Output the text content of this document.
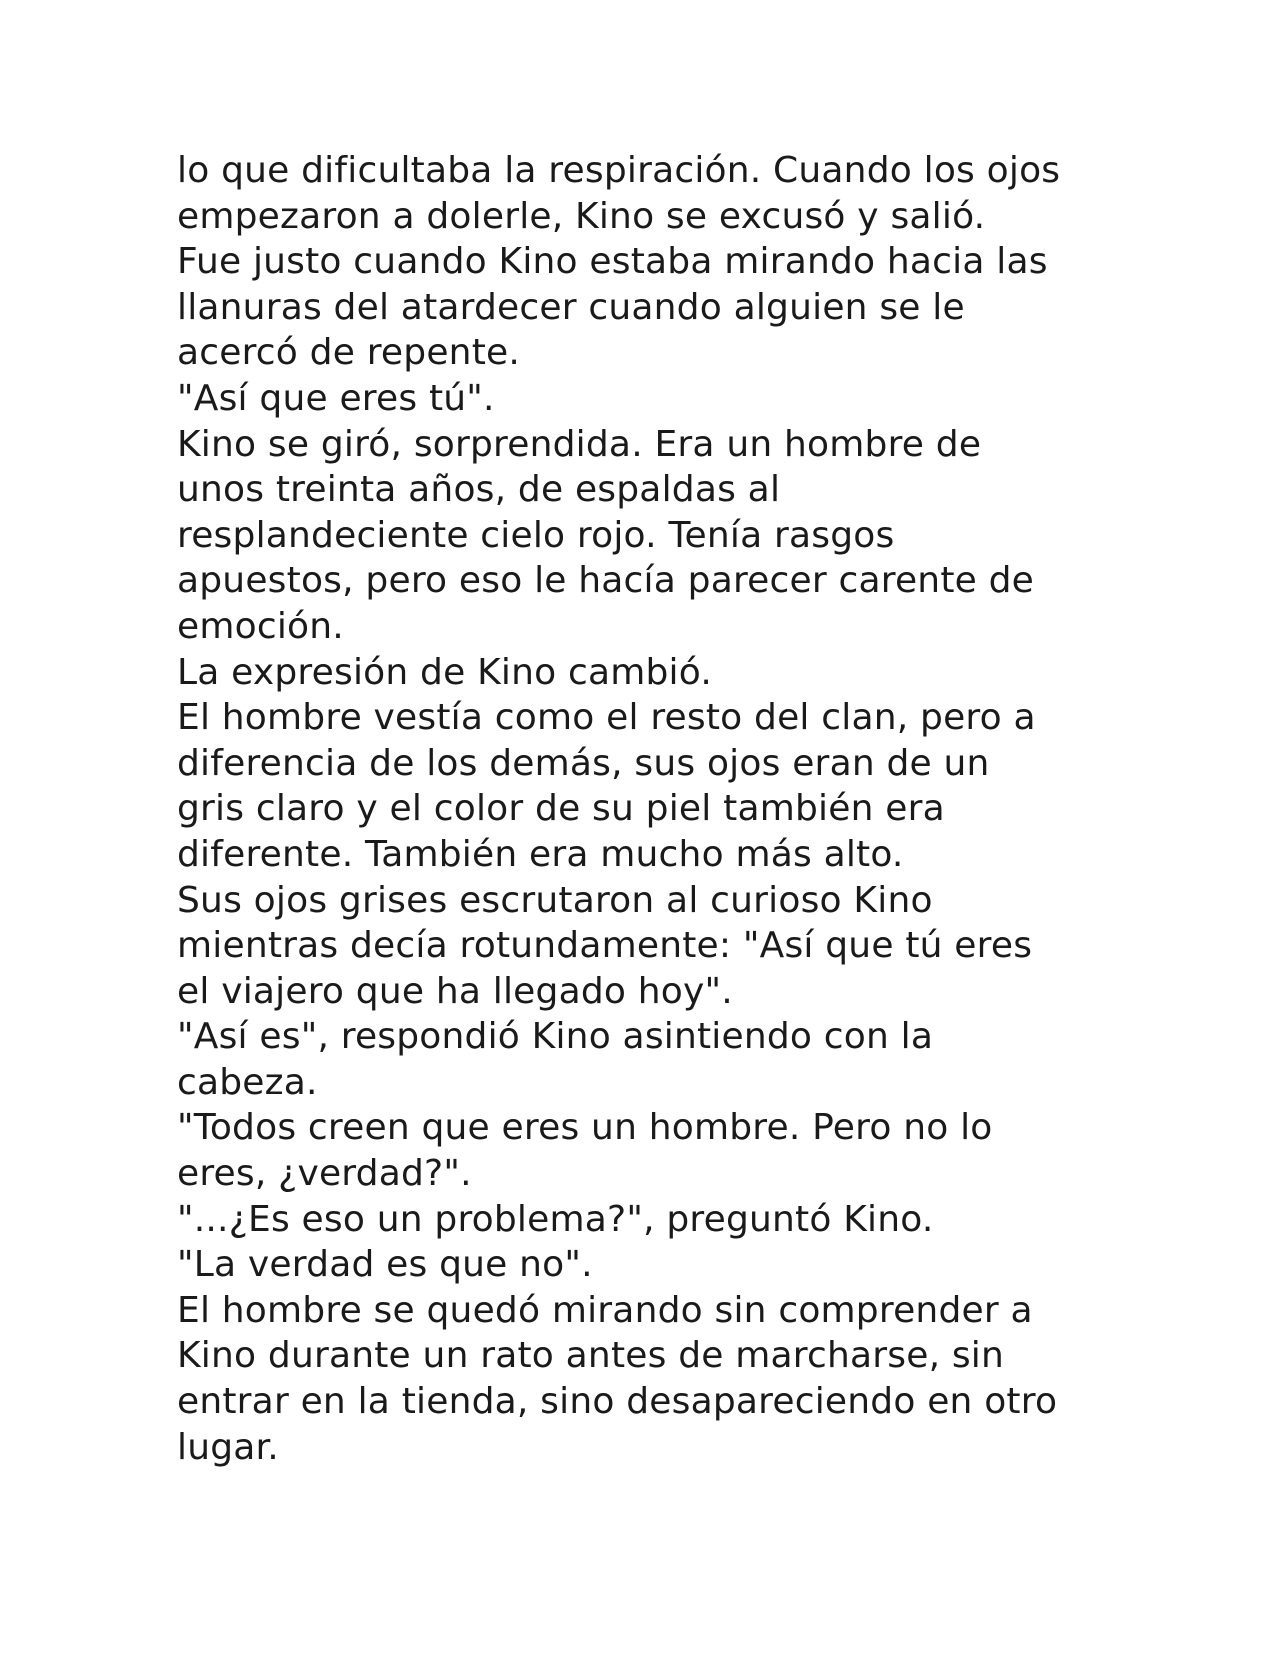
lo que dificultaba la respiración. Cuando los ojos
empezaron a dolerle, Kino se excusó y salió.
Fue justo cuando Kino estaba mirando hacia las
llanuras del atardecer cuando alguien se le
acercó de repente.
"Así que eres tú".
Kino se giró, sorprendida. Era un hombre de
unos treinta años, de espaldas al
resplandeciente cielo rojo. Tenía rasgos
apuestos, pero eso le hacía parecer carente de
emoción.
La expresión de Kino cambió.
El hombre vestía como el resto del clan, pero a
diferencia de los demás, sus ojos eran de un
gris claro y el color de su piel también era
diferente. También era mucho más alto.
Sus ojos grises escrutaron al curioso Kino
mientras decía rotundamente: "Así que tú eres
el viajero que ha llegado hoy".
"Así es", respondió Kino asintiendo con la
cabeza.
"Todos creen que eres un hombre. Pero no lo
eres, ¿verdad?".
"...¿Es eso un problema?", preguntó Kino.
"La verdad es que no".
El hombre se quedó mirando sin comprender a
Kino durante un rato antes de marcharse, sin
entrar en la tienda, sino desapareciendo en otro
lugar.
